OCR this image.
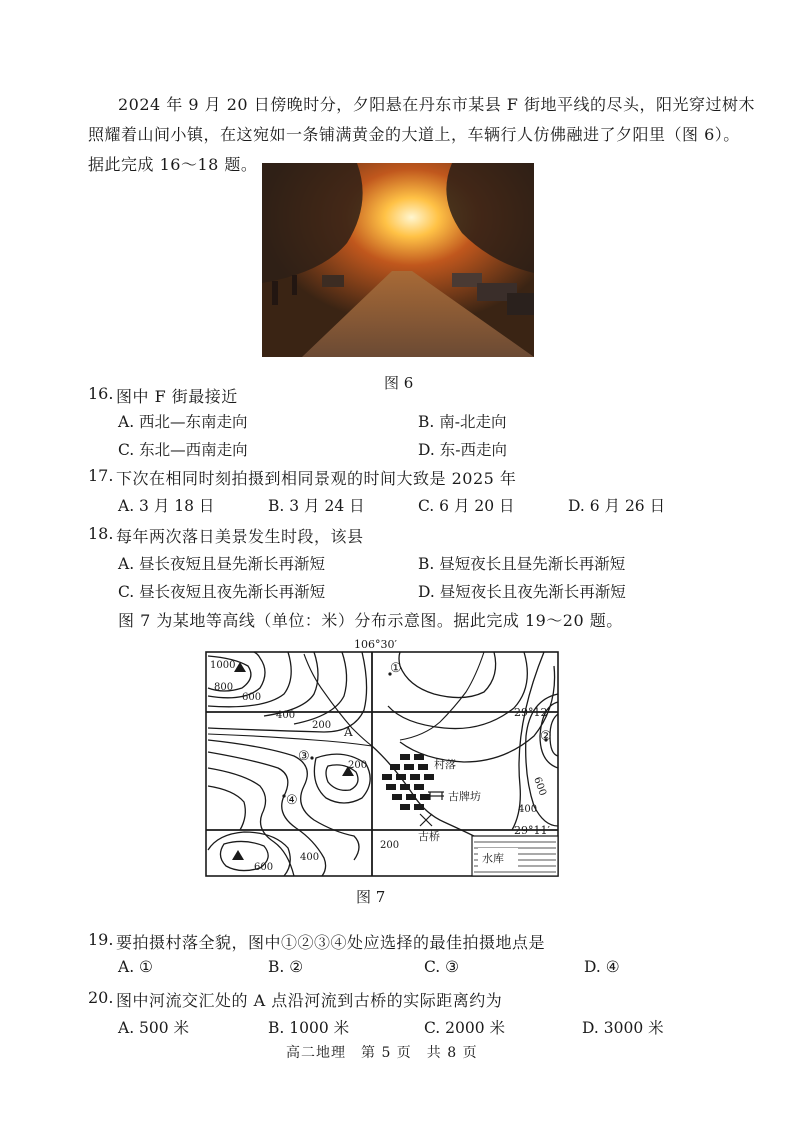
2024 年 9 月 20 日傍晚时分，夕阳悬在丹东市某县 F 街地平线的尽头，阳光穿过树木
照耀着山间小镇，在这宛如一条铺满黄金的大道上，车辆行人仿佛融进了夕阳里（图 6）。
据此完成 16～18 题。
图 6
16. 图中 F 街最接近
A. 西北—东南走向	B. 南-北走向
C. 东北—西南走向	D. 东-西走向
17. 下次在相同时刻拍摄到相同景观的时间大致是 2025 年
A. 3 月 18 日	B. 3 月 24 日	C. 6 月 20 日	D. 6 月 26 日
18. 每年两次落日美景发生时段，该县
A. 昼长夜短且昼先渐长再渐短	B. 昼短夜长且昼先渐长再渐短
C. 昼长夜短且夜先渐长再渐短	D. 昼短夜长且夜先渐长再渐短
图 7 为某地等高线（单位：米）分布示意图。据此完成 19～20 题。
106°30′
29°12′
29°11′
1000
800
600
400
200 A
200
200
400
600
600
400
村落
古牌坊
古桥
水库
①
②
③
④
图 7
19. 要拍摄村落全貌，图中①②③④处应选择的最佳拍摄地点是
A. ①	B. ②	C. ③	D. ④
20. 图中河流交汇处的 A 点沿河流到古桥的实际距离约为
A. 500 米	B. 1000 米	C. 2000 米	D. 3000 米
高二地理　第 5 页　共 8 页
